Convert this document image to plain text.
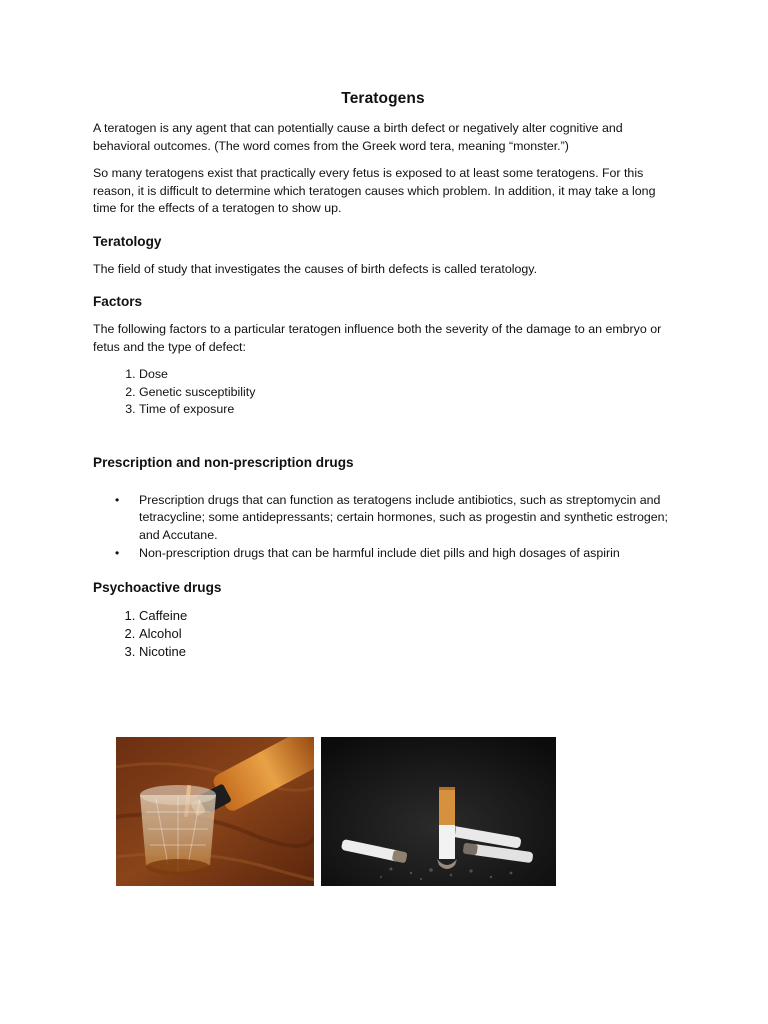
Teratogens

A teratogen is any agent that can potentially cause a birth defect or negatively alter cognitive and behavioral outcomes. (The word comes from the Greek word tera, meaning “monster.”)

So many teratogens exist that practically every fetus is exposed to at least some teratogens. For this reason, it is difficult to determine which teratogen causes which problem. In addition, it may take a long time for the effects of a teratogen to show up.

Teratology

The field of study that investigates the causes of birth defects is called teratology.

Factors

The following factors to a particular teratogen influence both the severity of the damage to an embryo or fetus and the type of defect:

1. Dose
2. Genetic susceptibility
3. Time of exposure
Prescription and non-prescription drugs
• Prescription drugs that can function as teratogens include antibiotics, such as streptomycin and tetracycline; some antidepressants; certain hormones, such as progestin and synthetic estrogen; and Accutane.
• Non-prescription drugs that can be harmful include diet pills and high dosages of aspirin
Psychoactive drugs
1. Caffeine
2. Alcohol
3. Nicotine
